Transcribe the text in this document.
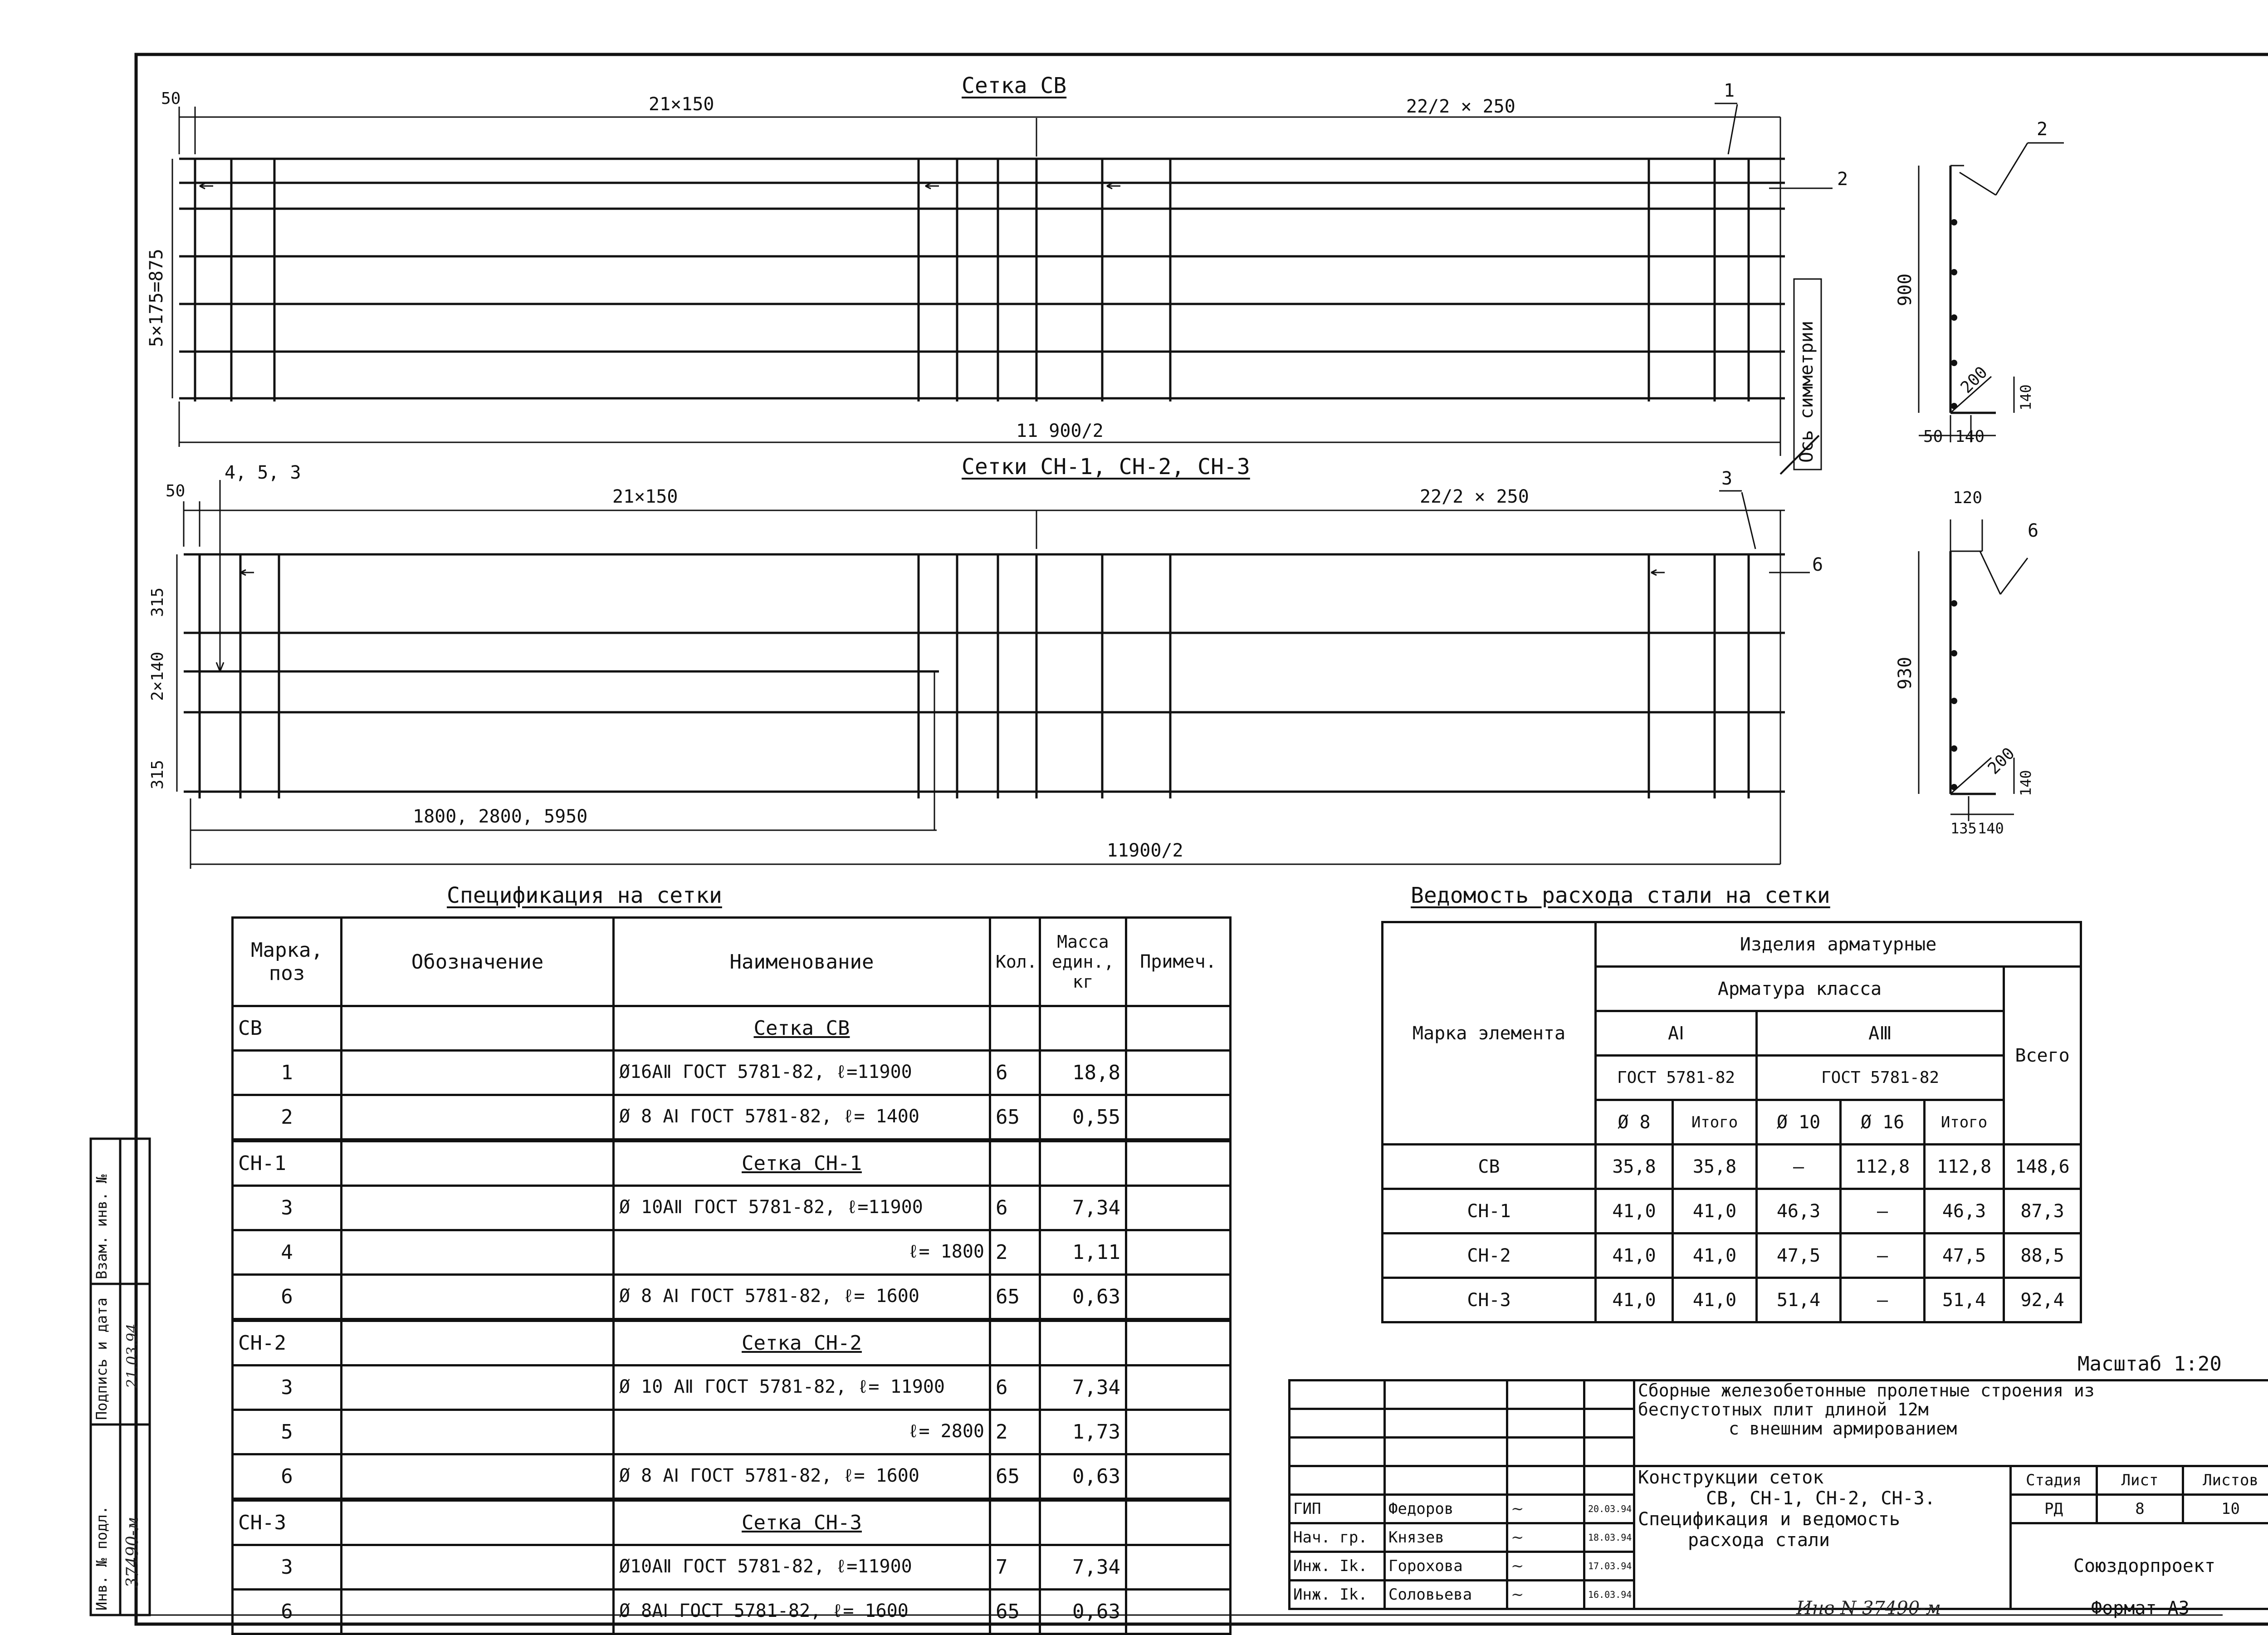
Сетка СВ
50	21×150	22/2 × 250
1
2
5×175=875
11 900/2	Ось симметрии
Сетки СН-1, СН-2, СН-3
50
4, 5, 3
21×150	22/2 × 250
3
6
315
2×140
315
1800, 2800, 5950
11900/2
2
900
200
140
50 140
120
6
930
200
140
135 140
Спецификация на сетки
Марка, поз	Обозначение	Наименование	Кол.	Масса един., кг	Примеч.
СВ		Сетка СВ			
1		Ø16АⅡ ГОСТ 5781-82, ℓ=11900	6	18,8	
2		Ø 8 АⅠ ГОСТ 5781-82, ℓ= 1400	65	0,55	
СН-1		Сетка СН-1			
3		Ø 10АⅡ ГОСТ 5781-82, ℓ=11900	6	7,34	
4		ℓ= 1800	2	1,11	
6		Ø 8 АⅠ ГОСТ 5781-82, ℓ= 1600	65	0,63	
СН-2		Сетка СН-2			
3		Ø 10 АⅡ ГОСТ 5781-82, ℓ= 11900	6	7,34	
5		ℓ= 2800	2	1,73	
6		Ø 8 АⅠ ГОСТ 5781-82, ℓ= 1600	65	0,63	
СН-3		Сетка СН-3			
3		Ø10АⅡ ГОСТ 5781-82, ℓ=11900	7	7,34	
6		Ø 8АⅠ ГОСТ 5781-82, ℓ= 1600	65	0,63	
Ведомость расхода стали на сетки
Марка элемента	Изделия арматурные					
	Арматура класса					Всего
	АⅠ		АⅢ			
	ГОСТ 5781-82		ГОСТ 5781-82			
	Ø 8	Итого	Ø 10	Ø 16	Итого	
СВ	35,8	35,8	—	112,8	112,8	148,6
СН-1	41,0	41,0	46,3	—	46,3	87,3
СН-2	41,0	41,0	47,5	—	47,5	88,5
СН-3	41,0	41,0	51,4	—	51,4	92,4
Масштаб 1:20

				Сборные железобетонные пролетные строения из
беспустотных плит длиной 12м
с внешним армированием			

				Конструкции сеток
СВ, СН-1, СН-2, СН-3.
Спецификация и ведомость
расхода стали	Стадия	Лист	Листов
ГИП	Федоров	~	20.03.94		РД	8	10
Нач. гр.	Князев	~	18.03.94		Союздорпроект		
Инж. Ik.	Горохова	~	17.03.94				
Инж. Ik.	Соловьева	~	16.03.94				
Инв N 37490-м	Формат А3
Инв. № подл.
Подпись и дата
Взам. инв. №
37490-м
21.03.94
